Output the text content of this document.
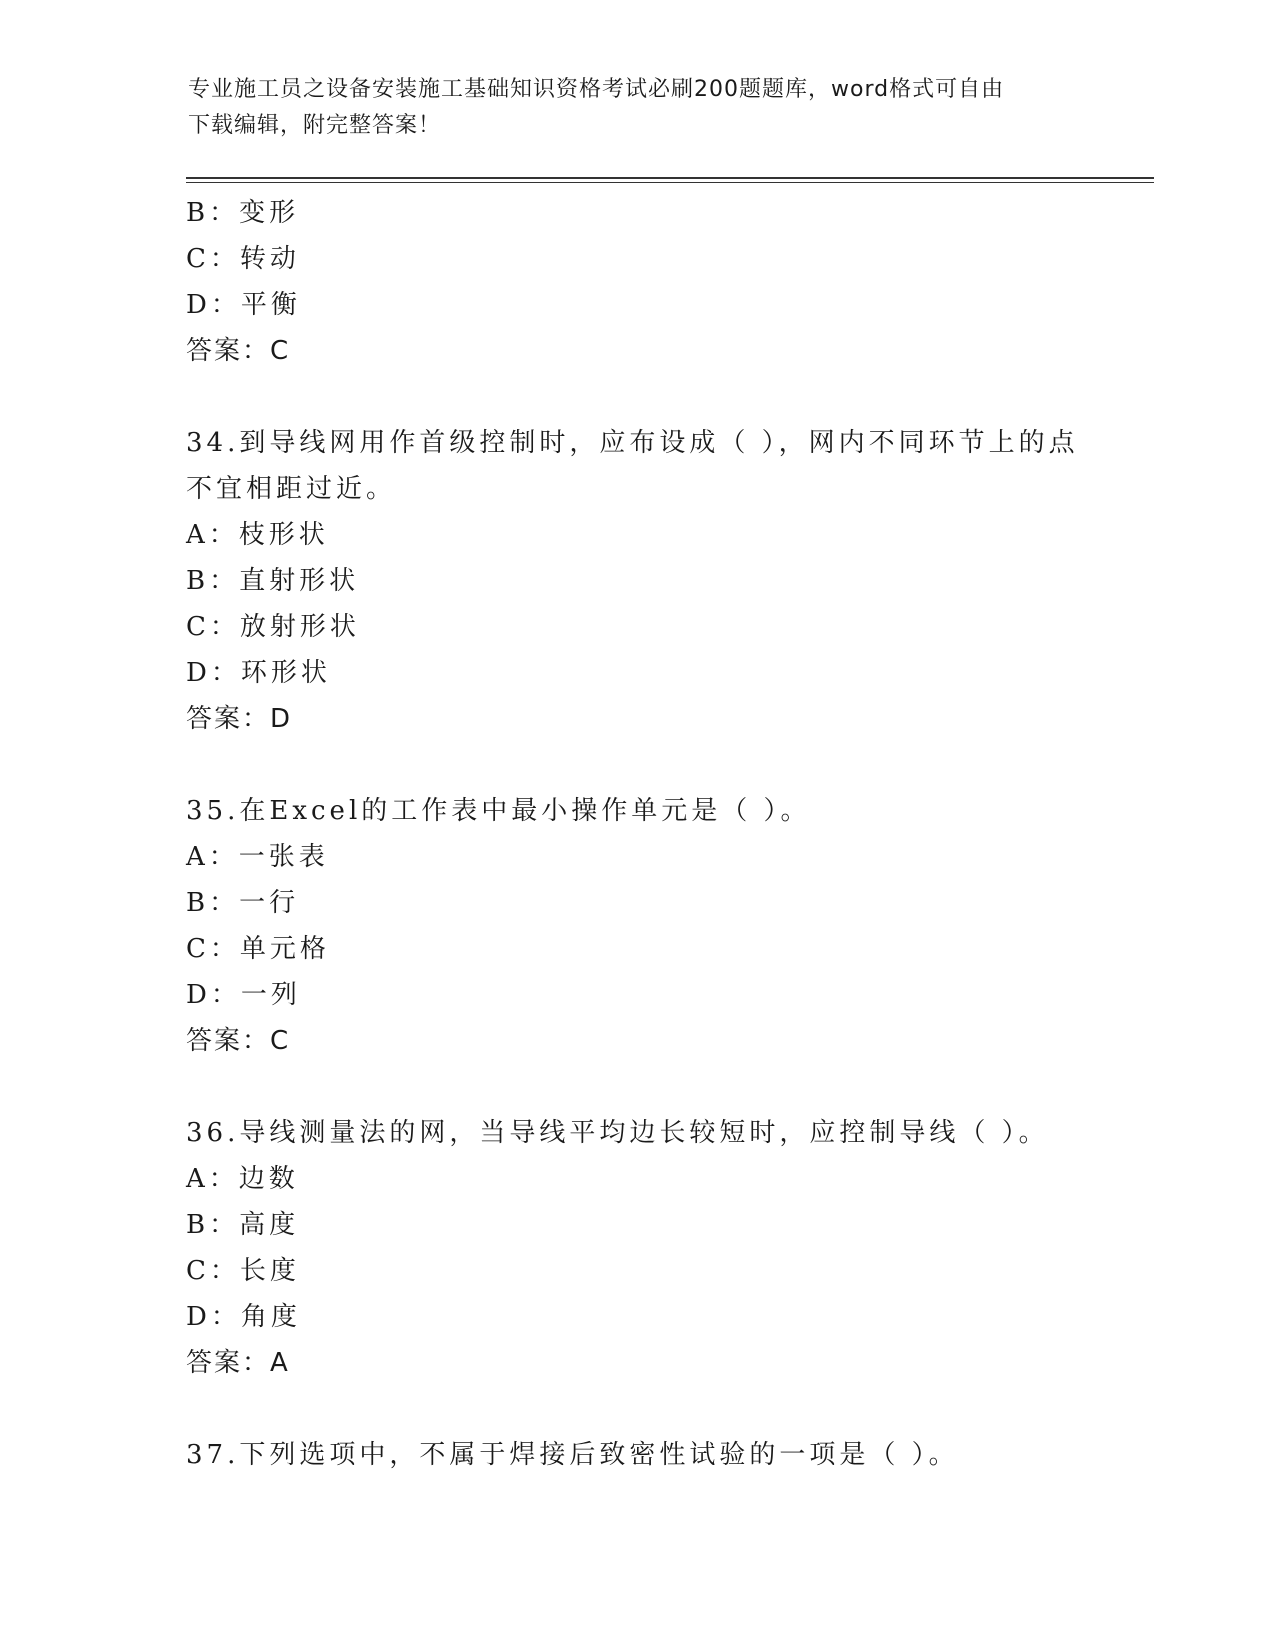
专业施工员之设备安装施工基础知识资格考试必刷200题题库，word格式可自由
下载编辑，附完整答案！
B：变形
C：转动
D：平衡
答案：C
34.到导线网用作首级控制时，应布设成（ ），网内不同环节上的点
不宜相距过近。
A：枝形状
B：直射形状
C：放射形状
D：环形状
答案：D
35.在Excel的工作表中最小操作单元是（ ）。
A：一张表
B：一行
C：单元格
D：一列
答案：C
36.导线测量法的网，当导线平均边长较短时，应控制导线（ ）。
A：边数
B：高度
C：长度
D：角度
答案：A
37.下列选项中，不属于焊接后致密性试验的一项是（ ）。
